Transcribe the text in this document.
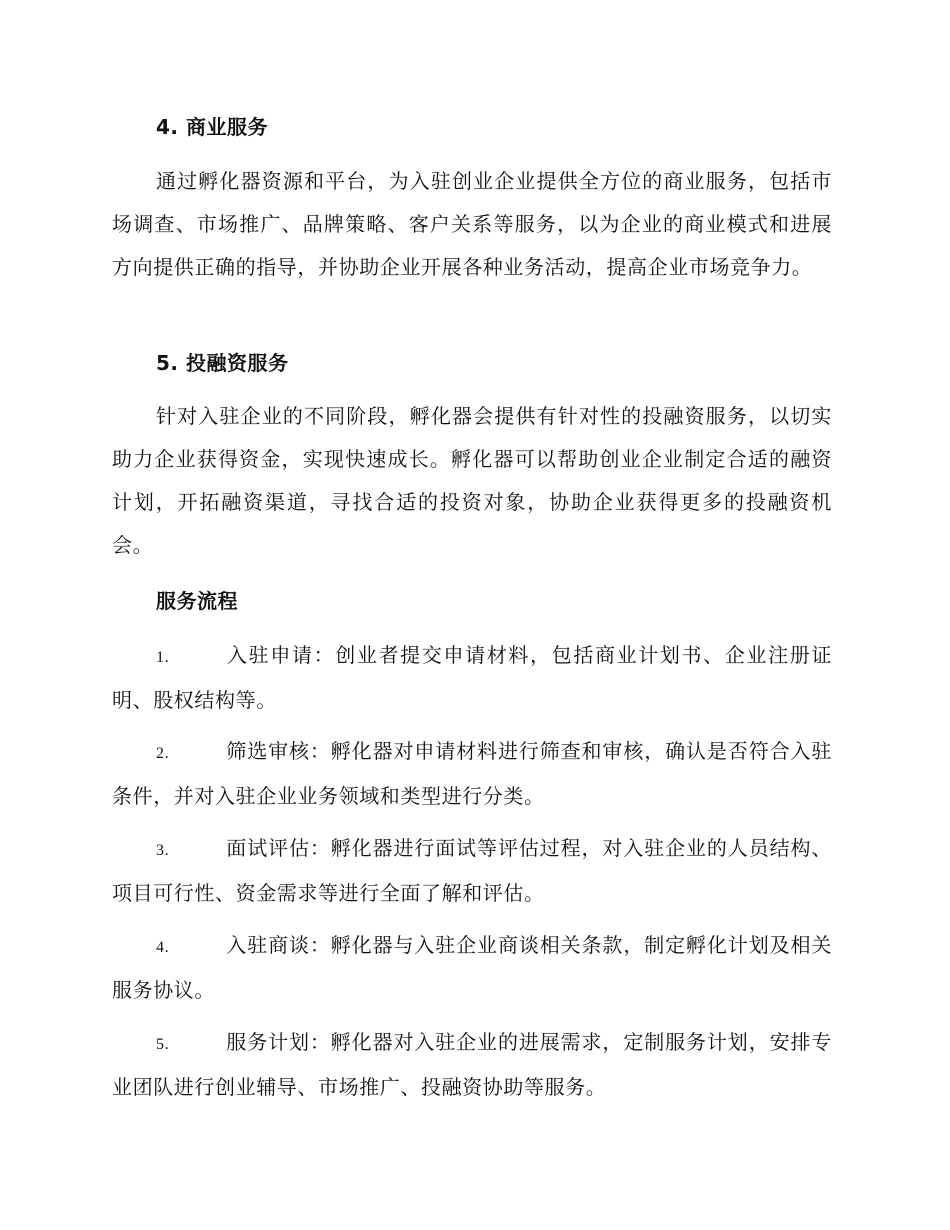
4. 商业服务
通过孵化器资源和平台，为入驻创业企业提供全方位的商业服务，包括市场调查、市场推广、品牌策略、客户关系等服务，以为企业的商业模式和进展方向提供正确的指导，并协助企业开展各种业务活动，提高企业市场竞争力。
5. 投融资服务
针对入驻企业的不同阶段，孵化器会提供有针对性的投融资服务，以切实助力企业获得资金，实现快速成长。孵化器可以帮助创业企业制定合适的融资计划，开拓融资渠道，寻找合适的投资对象，协助企业获得更多的投融资机会。
服务流程
1.	入驻申请：创业者提交申请材料，包括商业计划书、企业注册证明、股权结构等。
2.	筛选审核：孵化器对申请材料进行筛查和审核，确认是否符合入驻条件，并对入驻企业业务领域和类型进行分类。
3.	面试评估：孵化器进行面试等评估过程，对入驻企业的人员结构、项目可行性、资金需求等进行全面了解和评估。
4.	入驻商谈：孵化器与入驻企业商谈相关条款，制定孵化计划及相关服务协议。
5.	服务计划：孵化器对入驻企业的进展需求，定制服务计划，安排专业团队进行创业辅导、市场推广、投融资协助等服务。
